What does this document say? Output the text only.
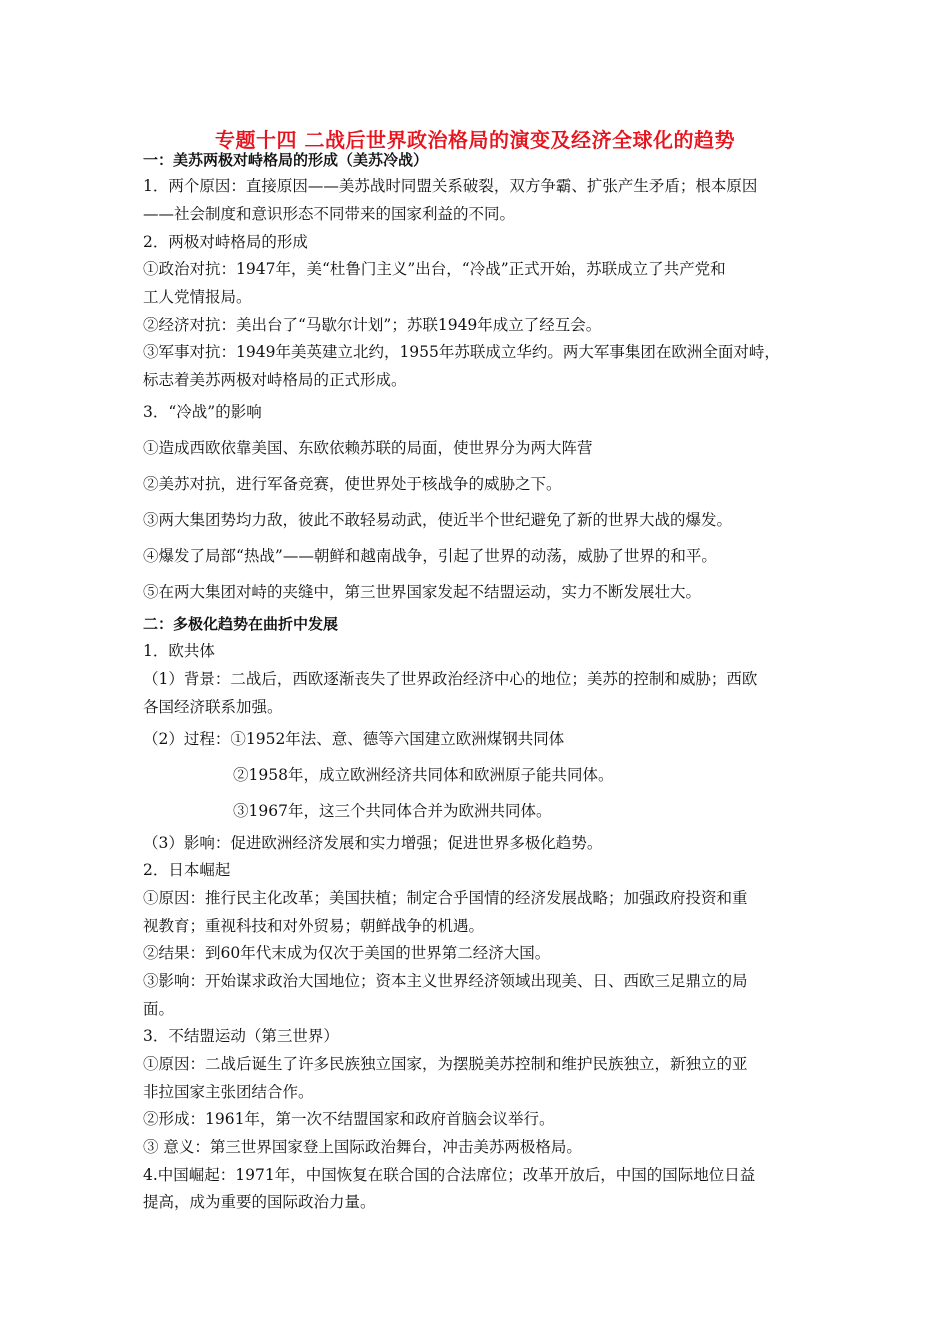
专题十四 二战后世界政治格局的演变及经济全球化的趋势
一：美苏两极对峙格局的形成（美苏冷战）
1．两个原因：直接原因——美苏战时同盟关系破裂，双方争霸、扩张产生矛盾；根本原因
——社会制度和意识形态不同带来的国家利益的不同。
2．两极对峙格局的形成
①政治对抗：1947年，美“杜鲁门主义”出台，“冷战”正式开始，苏联成立了共产党和
工人党情报局。
②经济对抗：美出台了“马歇尔计划”；苏联1949年成立了经互会。
③军事对抗：1949年美英建立北约，1955年苏联成立华约。两大军事集团在欧洲全面对峙，
标志着美苏两极对峙格局的正式形成。
3．“冷战”的影响
①造成西欧依靠美国、东欧依赖苏联的局面，使世界分为两大阵营
②美苏对抗，进行军备竞赛，使世界处于核战争的威胁之下。
③两大集团势均力敌，彼此不敢轻易动武，使近半个世纪避免了新的世界大战的爆发。
④爆发了局部“热战”——朝鲜和越南战争，引起了世界的动荡，威胁了世界的和平。
⑤在两大集团对峙的夹缝中，第三世界国家发起不结盟运动，实力不断发展壮大。
二：多极化趋势在曲折中发展
1．欧共体
（1）背景：二战后，西欧逐渐丧失了世界政治经济中心的地位；美苏的控制和威胁；西欧
各国经济联系加强。
（2）过程：①1952年法、意、德等六国建立欧洲煤钢共同体
②1958年，成立欧洲经济共同体和欧洲原子能共同体。
③1967年，这三个共同体合并为欧洲共同体。
（3）影响：促进欧洲经济发展和实力增强；促进世界多极化趋势。
2．日本崛起
①原因：推行民主化改革；美国扶植；制定合乎国情的经济发展战略；加强政府投资和重
视教育；重视科技和对外贸易；朝鲜战争的机遇。
②结果：到60年代末成为仅次于美国的世界第二经济大国。
③影响：开始谋求政治大国地位；资本主义世界经济领域出现美、日、西欧三足鼎立的局
面。
3．不结盟运动（第三世界）
①原因：二战后诞生了许多民族独立国家，为摆脱美苏控制和维护民族独立，新独立的亚
非拉国家主张团结合作。
②形成：1961年，第一次不结盟国家和政府首脑会议举行。
③ 意义：第三世界国家登上国际政治舞台，冲击美苏两极格局。
4.中国崛起：1971年，中国恢复在联合国的合法席位；改革开放后，中国的国际地位日益
提高，成为重要的国际政治力量。
